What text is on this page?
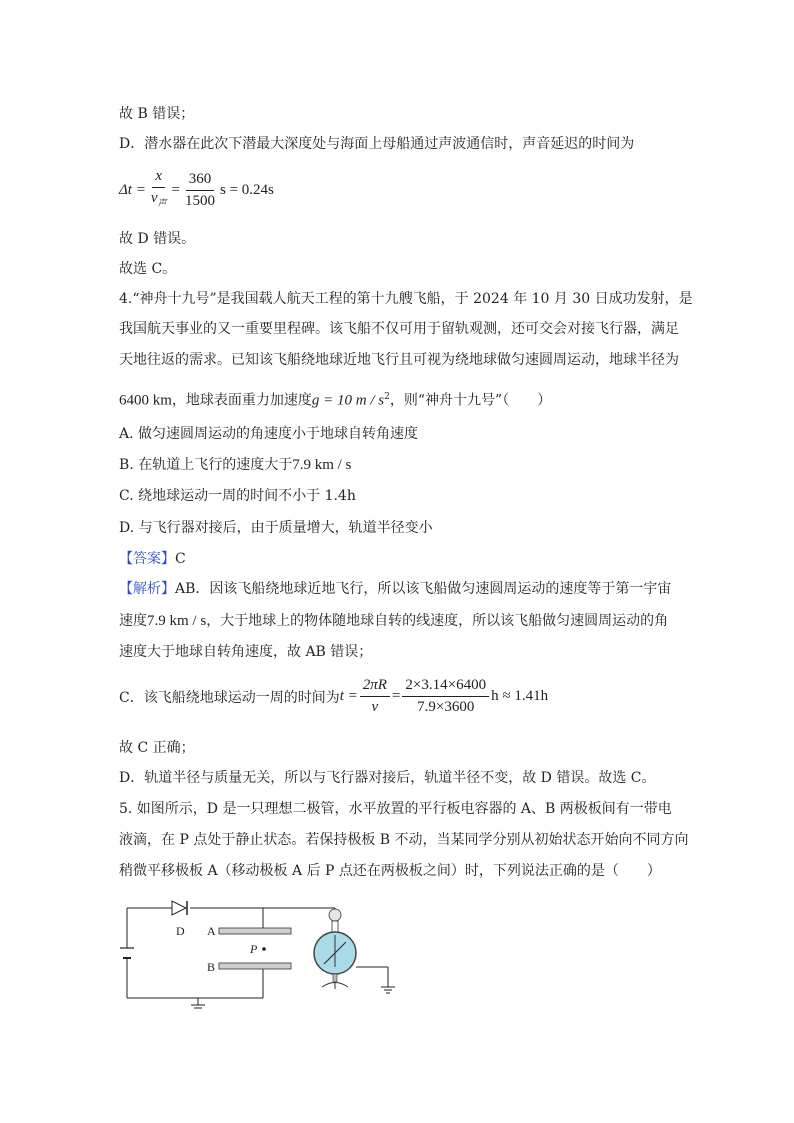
故 B 错误；
D．潜水器在此次下潜最大深度处与海面上母船通过声波通信时，声音延迟的时间为
$\Delta t = \frac{x}{v_声} = \frac{360}{1500}$ s = 0.24s
故 D 错误。
故选 C。
4.“神舟十九号”是我国载人航天工程的第十九艘飞船，于 2024 年 10 月 30 日成功发射，是
我国航天事业的又一重要里程碑。该飞船不仅可用于留轨观测，还可交会对接飞行器，满足
天地往返的需求。已知该飞船绕地球近地飞行且可视为绕地球做匀速圆周运动，地球半径为
6400 km，地球表面重力加速度g = 10 m / $s^2$，则“神舟十九号”（　　）
A. 做匀速圆周运动的角速度小于地球自转角速度
B. 在轨道上飞行的速度大于7.9 km / s
C. 绕地球运动一周的时间不小于 1.4h
D. 与飞行器对接后，由于质量增大，轨道半径变小
【答案】C
【解析】AB．因该飞船绕地球近地飞行，所以该飞船做匀速圆周运动的速度等于第一宇宙
速度7.9 km / s，大于地球上的物体随地球自转的线速度，所以该飞船做匀速圆周运动的角
速度大于地球自转角速度，故 AB 错误；
C．该飞船绕地球运动一周的时间为 $t = \frac{2\pi R}{v} = \frac{2\times 3.14\times 6400}{7.9\times 3600}$ h ≈ 1.41h
故 C 正确；
D．轨道半径与质量无关，所以与飞行器对接后，轨道半径不变，故 D 错误。故选 C。
5. 如图所示，D 是一只理想二极管，水平放置的平行板电容器的 A、B 两极板间有一带电
液滴，在 P 点处于静止状态。若保持极板 B 不动，当某同学分别从初始状态开始向不同方向
稍微平移极板 A（移动极板 A 后 P 点还在两极板之间）时，下列说法正确的是（　　）
D A
B
P
